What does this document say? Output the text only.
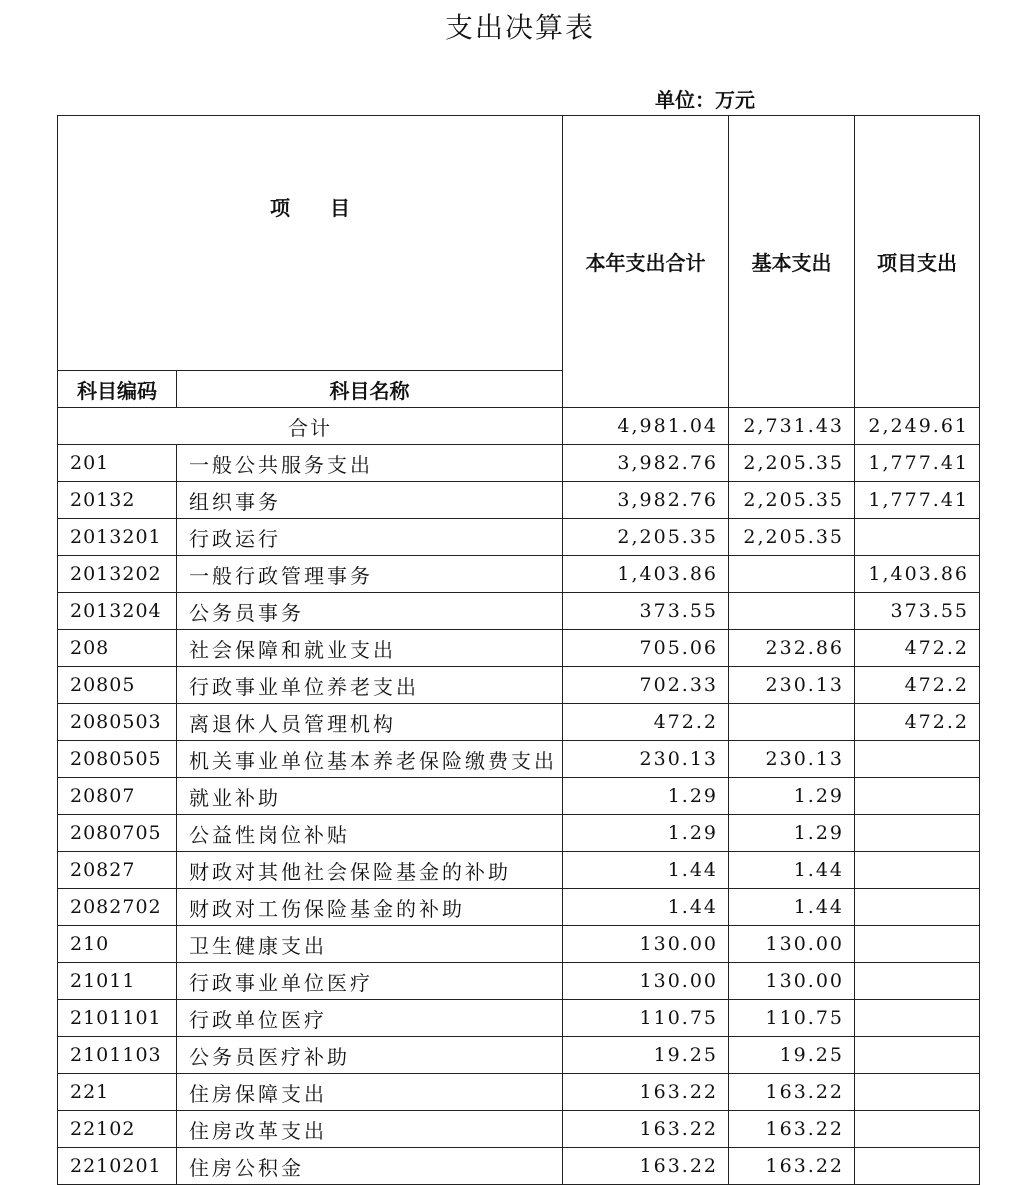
支出决算表
单位：万元
项　　目		本年支出合计	基本支出	项目支出
科目编码	科目名称			
合计		4,981.04	2,731.43	2,249.61
201	一般公共服务支出	3,982.76	2,205.35	1,777.41
20132	组织事务	3,982.76	2,205.35	1,777.41
2013201	行政运行	2,205.35	2,205.35	
2013202	一般行政管理事务	1,403.86		1,403.86
2013204	公务员事务	373.55		373.55
208	社会保障和就业支出	705.06	232.86	472.2
20805	行政事业单位养老支出	702.33	230.13	472.2
2080503	离退休人员管理机构	472.2		472.2
2080505	机关事业单位基本养老保险缴费支出	230.13	230.13	
20807	就业补助	1.29	1.29	
2080705	公益性岗位补贴	1.29	1.29	
20827	财政对其他社会保险基金的补助	1.44	1.44	
2082702	财政对工伤保险基金的补助	1.44	1.44	
210	卫生健康支出	130.00	130.00	
21011	行政事业单位医疗	130.00	130.00	
2101101	行政单位医疗	110.75	110.75	
2101103	公务员医疗补助	19.25	19.25	
221	住房保障支出	163.22	163.22	
22102	住房改革支出	163.22	163.22	
2210201	住房公积金	163.22	163.22	
